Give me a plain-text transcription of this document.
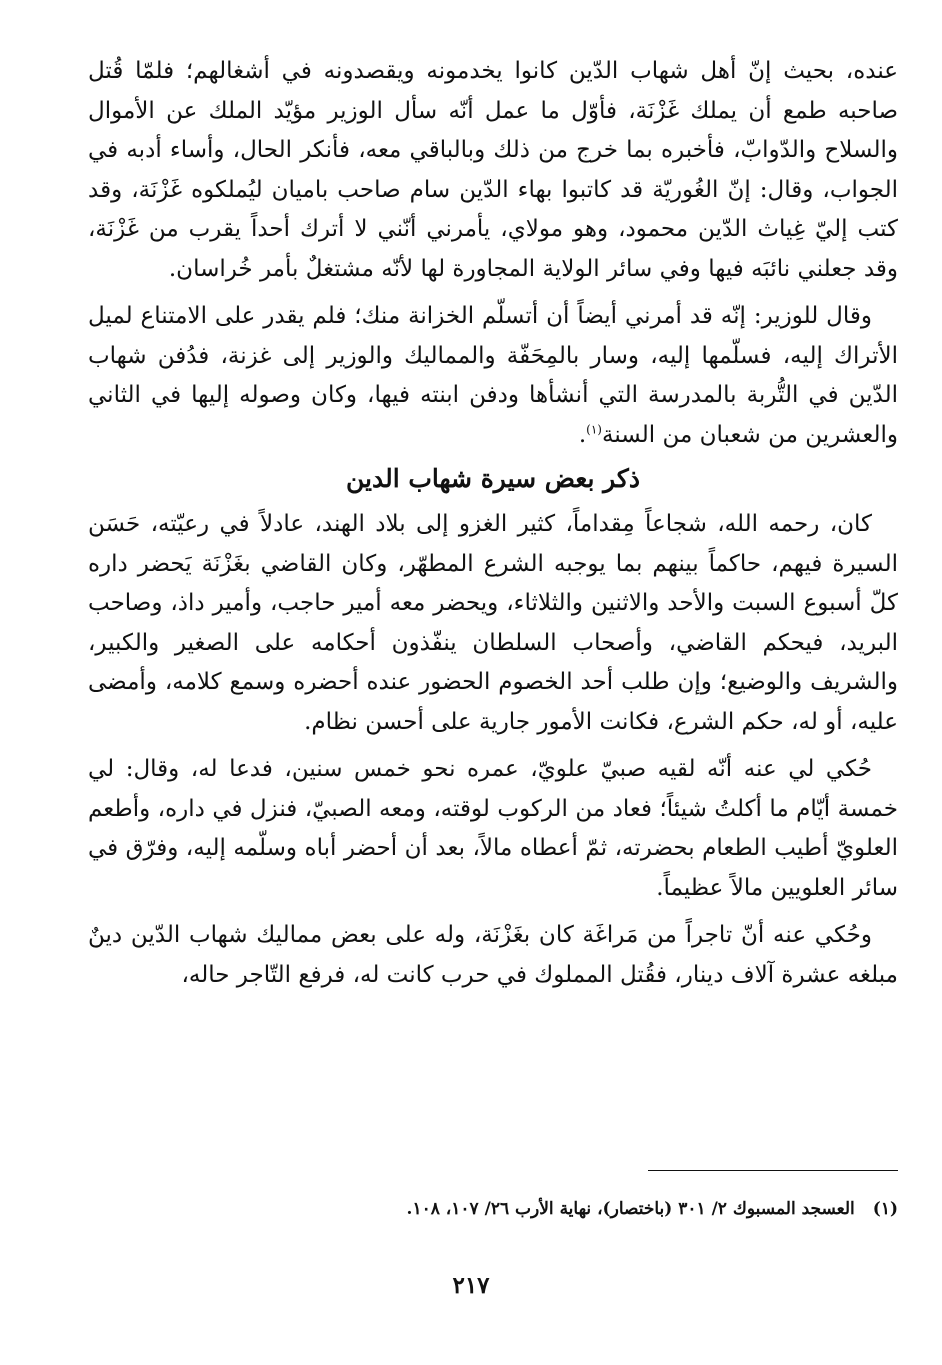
عنده، بحيث إنّ أهل شهاب الدّين كانوا يخدمونه ويقصدونه في أشغالهم؛ فلمّا قُتل صاحبه طمع أن يملك غَزْنَة، فأوّل ما عمل أنّه سأل الوزير مؤيّد الملك عن الأموال والسلاح والدّوابّ، فأخبره بما خرج من ذلك وبالباقي معه، فأنكر الحال، وأساء أدبه في الجواب، وقال: إنّ الغُوريّة قد كاتبوا بهاء الدّين سام صاحب باميان ليُملكوه غَزْنَة، وقد كتب إليّ غِياث الدّين محمود، وهو مولاي، يأمرني أنّني لا أترك أحداً يقرب من غَزْنَة، وقد جعلني نائبَه فيها وفي سائر الولاية المجاورة لها لأنّه مشتغلٌ بأمر خُراسان.

وقال للوزير: إنّه قد أمرني أيضاً أن أتسلّم الخزانة منك؛ فلم يقدر على الامتناع لميل الأتراك إليه، فسلّمها إليه، وسار بالمِحَفّة والمماليك والوزير إلى غزنة، فدُفن شهاب الدّين في التُّربة بالمدرسة التي أنشأها ودفن ابنته فيها، وكان وصوله إليها في الثاني والعشرين من شعبان من السنة$^{(١)}$.

ذكر بعض سيرة شهاب الدين

كان، رحمه الله، شجاعاً مِقداماً، كثير الغزو إلى بلاد الهند، عادلاً في رعيّته، حَسَن السيرة فيهم، حاكماً بينهم بما يوجبه الشرع المطهّر، وكان القاضي بغَزْنَة يَحضر داره كلّ أسبوع السبت والأحد والاثنين والثلاثاء، ويحضر معه أمير حاجب، وأمير داذ، وصاحب البريد، فيحكم القاضي، وأصحاب السلطان ينفّذون أحكامه على الصغير والكبير، والشريف والوضيع؛ وإن طلب أحد الخصوم الحضور عنده أحضره وسمع كلامه، وأمضى عليه، أو له، حكم الشرع، فكانت الأمور جارية على أحسن نظام.

حُكي لي عنه أنّه لقيه صبيّ علويّ، عمره نحو خمس سنين، فدعا له، وقال: لي خمسة أيّام ما أكلتُ شيئاً؛ فعاد من الركوب لوقته، ومعه الصبيّ، فنزل في داره، وأطعم العلويّ أطيب الطعام بحضرته، ثمّ أعطاه مالاً، بعد أن أحضر أباه وسلّمه إليه، وفرّق في سائر العلويين مالاً عظيماً.

وحُكي عنه أنّ تاجراً من مَراغَة كان بغَزْنَة، وله على بعض مماليك شهاب الدّين دينٌ مبلغه عشرة آلاف دينار، فقُتل المملوك في حرب كانت له، فرفع التّاجر حاله،

(١)العسجد المسبوك ٢/ ٣٠١ (باختصار)، نهاية الأرب ٢٦/ ١٠٧، ١٠٨.
٢١٧
